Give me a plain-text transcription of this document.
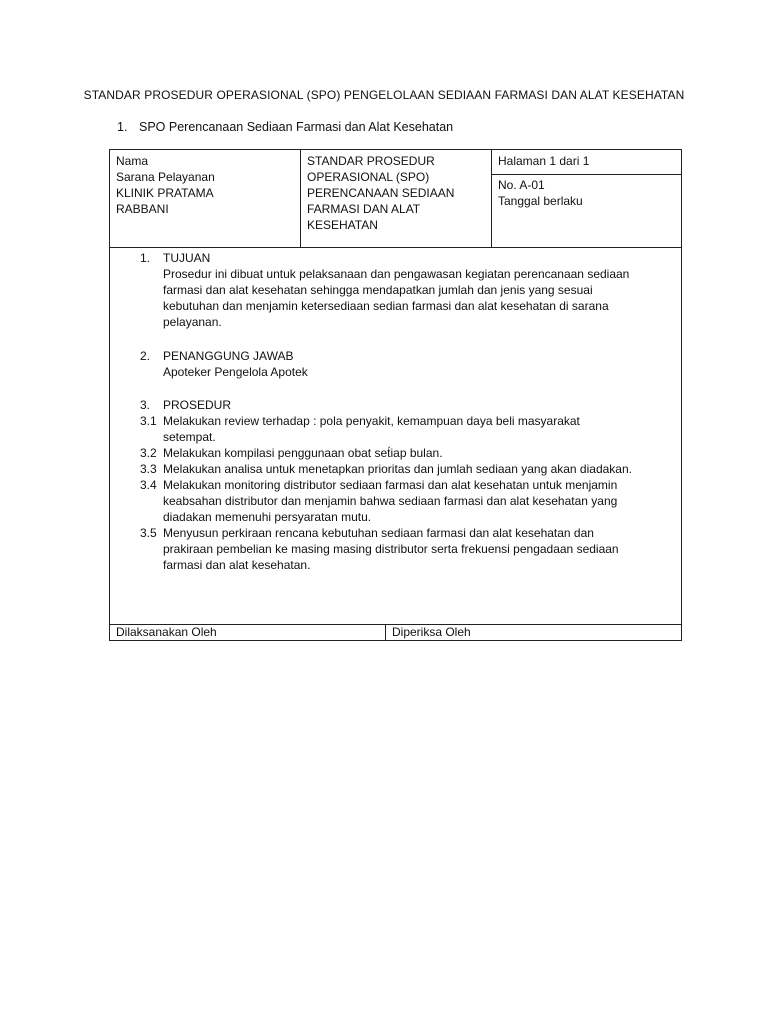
STANDAR PROSEDUR OPERASIONAL (SPO) PENGELOLAAN SEDIAAN FARMASI DAN ALAT KESEHATAN
1. SPO Perencanaan Sediaan Farmasi dan Alat Kesehatan
Nama
Sarana Pelayanan
KLINIK PRATAMA
RABBANI
STANDAR PROSEDUR
OPERASIONAL (SPO)
PERENCANAAN SEDIAAN
FARMASI DAN ALAT
KESEHATAN
Halaman 1 dari 1
No. A-01
Tanggal berlaku
1. TUJUAN
Prosedur ini dibuat untuk pelaksanaan dan pengawasan kegiatan perencanaan sediaan
farmasi dan alat kesehatan sehingga mendapatkan jumlah dan jenis yang sesuai
kebutuhan dan menjamin ketersediaan sedian farmasi dan alat kesehatan di sarana
pelayanan.
2. PENANGGUNG JAWAB
Apoteker Pengelola Apotek
3. PROSEDUR
3.1 Melakukan review terhadap : pola penyakit, kemampuan daya beli masyarakat
setempat.
3.2 Melakukan kompilasi penggunaan obat set́iap bulan.
3.3 Melakukan analisa untuk menetapkan prioritas dan jumlah sediaan yang akan diadakan.
3.4 Melakukan monitoring distributor sediaan farmasi dan alat kesehatan untuk menjamin
keabsahan distributor dan menjamin bahwa sediaan farmasi dan alat kesehatan yang
diadakan memenuhi persyaratan mutu.
3.5 Menyusun perkiraan rencana kebutuhan sediaan farmasi dan alat kesehatan dan
prakiraan pembelian ke masing masing distributor serta frekuensi pengadaan sediaan
farmasi dan alat kesehatan.
Dilaksanakan Oleh	Diperiksa Oleh
